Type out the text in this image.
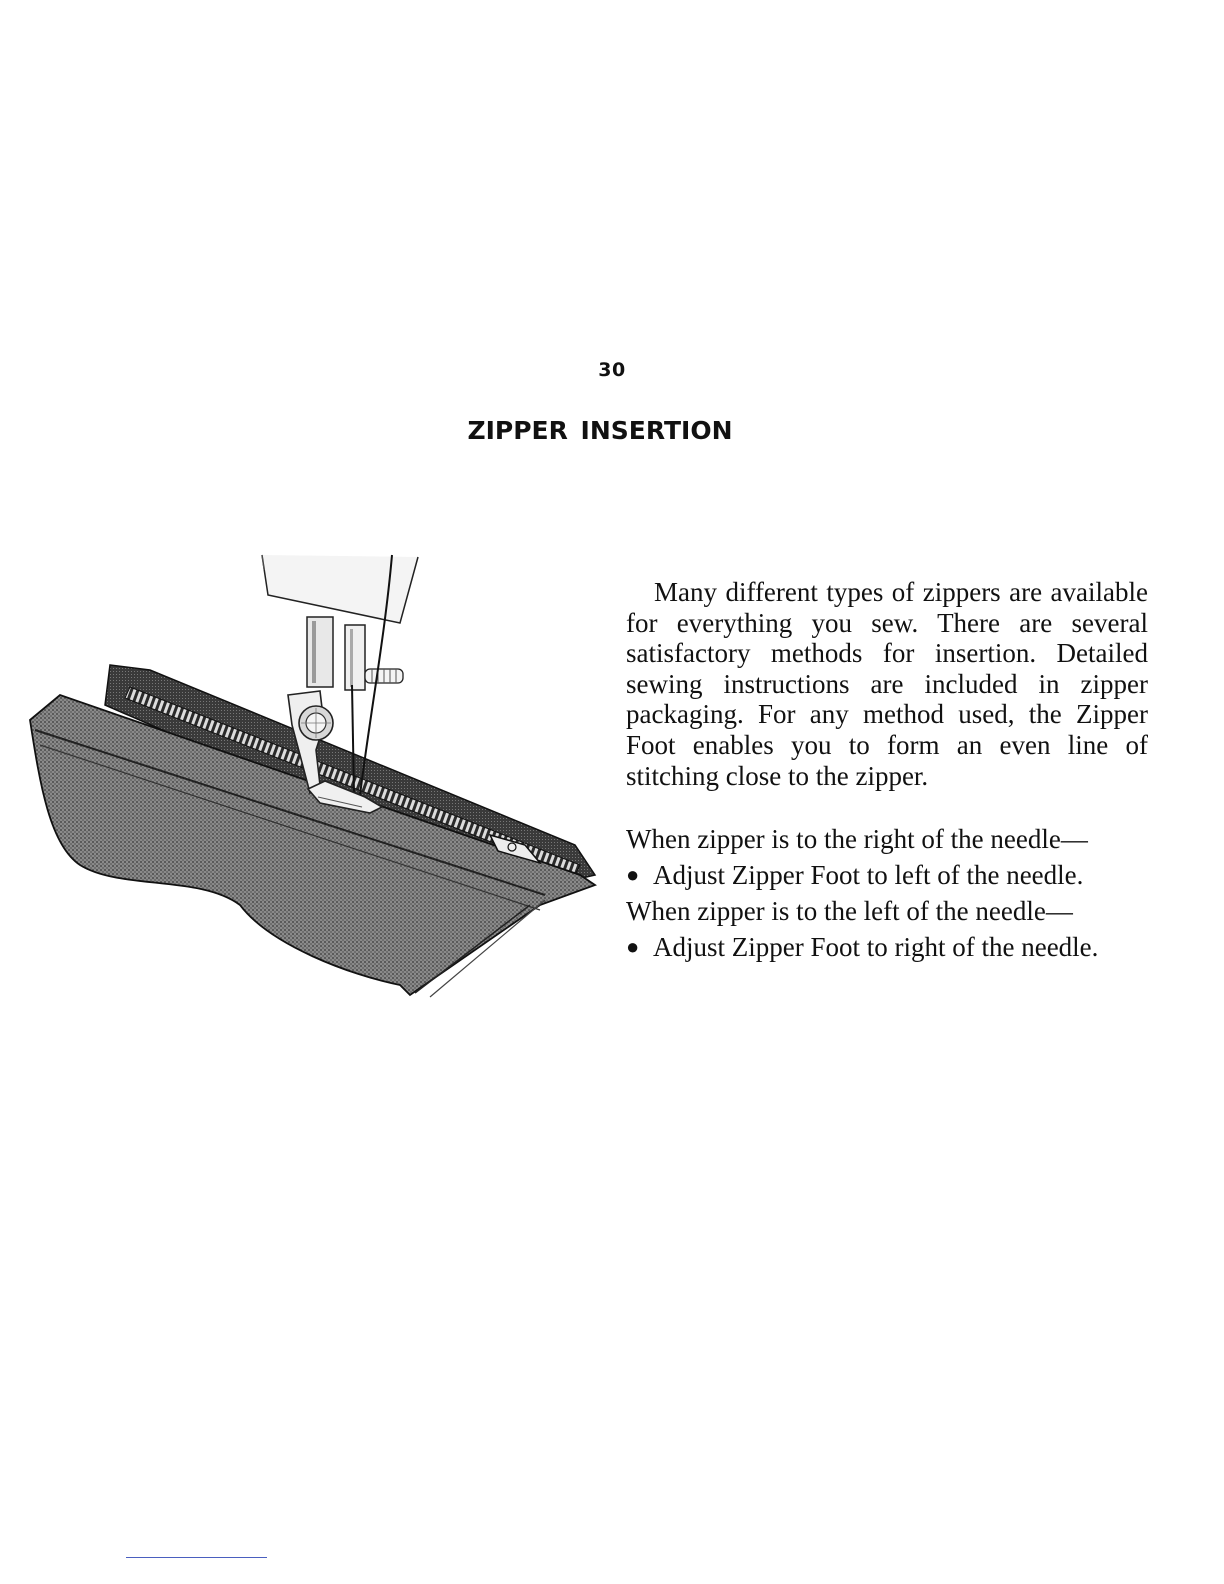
30
ZIPPER INSERTION

Many different types of zippers are available for everything you sew. There are several satisfactory methods for insertion. Detailed sewing instructions are included in zipper packaging. For any method used, the Zipper Foot enables you to form an even line of stitching close to the zipper.

When zipper is to the right of the needle—
● Adjust Zipper Foot to left of the needle.
When zipper is to the left of the needle—
● Adjust Zipper Foot to right of the needle.
